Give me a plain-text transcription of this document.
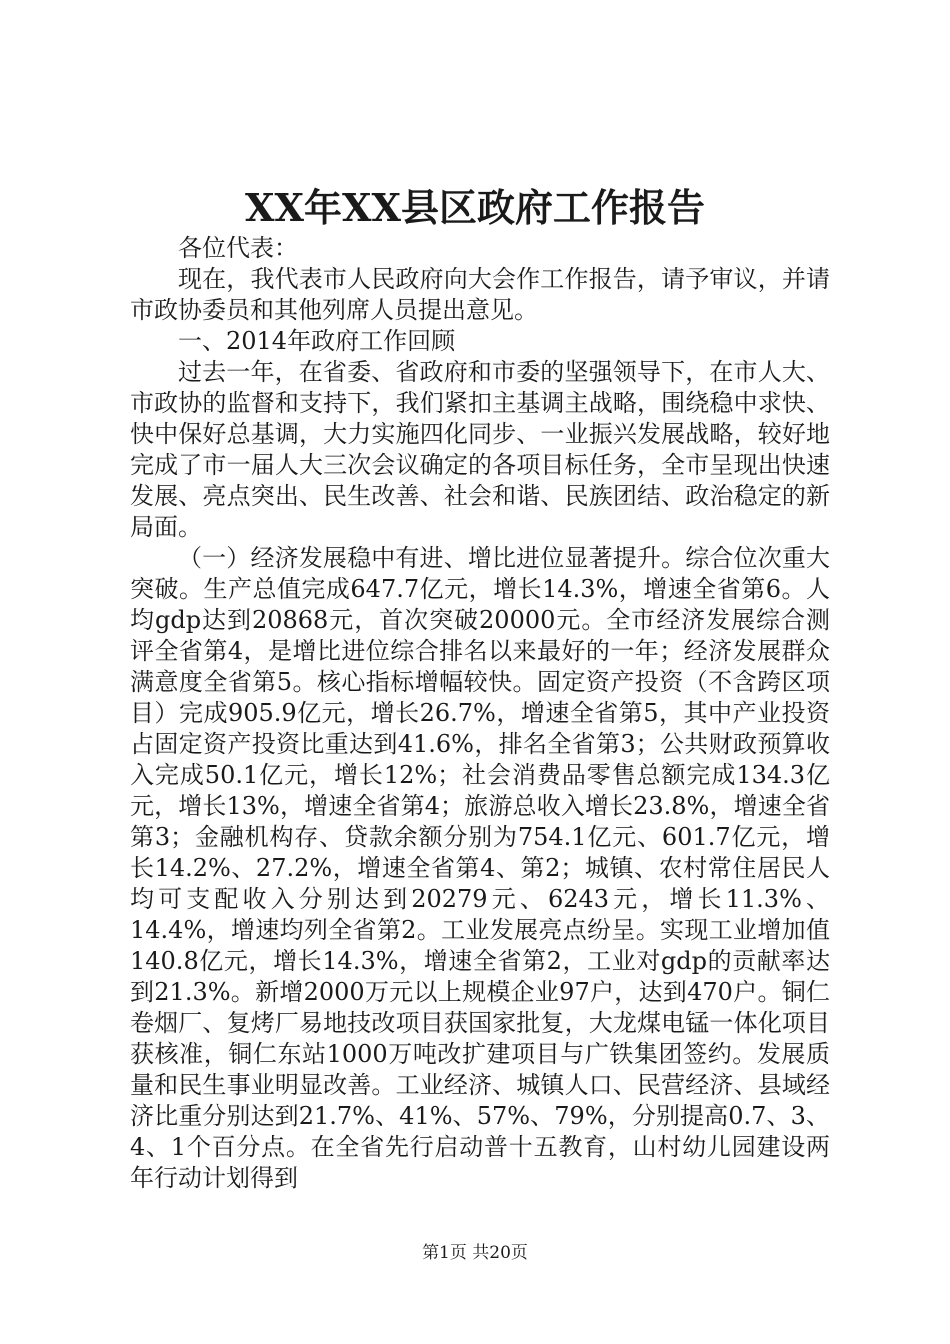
XX年XX县区政府工作报告

各位代表：

现在，我代表市人民政府向大会作工作报告，请予审议，并请市政协委员和其他列席人员提出意见。

一、2014年政府工作回顾

过去一年，在省委、省政府和市委的坚强领导下，在市人大、市政协的监督和支持下，我们紧扣主基调主战略，围绕稳中求快、快中保好总基调，大力实施四化同步、一业振兴发展战略，较好地完成了市一届人大三次会议确定的各项目标任务，全市呈现出快速发展、亮点突出、民生改善、社会和谐、民族团结、政治稳定的新局面。

（一）经济发展稳中有进、增比进位显著提升。综合位次重大突破。生产总值完成647.7亿元，增长14.3%，增速全省第6。人均gdp达到20868元，首次突破20000元。全市经济发展综合测评全省第4，是增比进位综合排名以来最好的一年；经济发展群众满意度全省第5。核心指标增幅较快。固定资产投资（不含跨区项目）完成905.9亿元，增长26.7%，增速全省第5，其中产业投资占固定资产投资比重达到41.6%，排名全省第3；公共财政预算收入完成50.1亿元，增长12%；社会消费品零售总额完成134.3亿元，增长13%，增速全省第4；旅游总收入增长23.8%，增速全省第3；金融机构存、贷款余额分别为754.1亿元、601.7亿元，增长14.2%、27.2%，增速全省第4、第2；城镇、农村常住居民人均可支配收入分别达到20279元、6243元，增长11.3%、14.4%，增速均列全省第2。工业发展亮点纷呈。实现工业增加值140.8亿元，增长14.3%，增速全省第2，工业对gdp的贡献率达到21.3%。新增2000万元以上规模企业97户，达到470户。铜仁卷烟厂、复烤厂易地技改项目获国家批复，大龙煤电锰一体化项目获核准，铜仁东站1000万吨改扩建项目与广铁集团签约。发展质量和民生事业明显改善。工业经济、城镇人口、民营经济、县域经济比重分别达到21.7%、41%、57%、79%，分别提高0.7、3、4、1个百分点。在全省先行启动普十五教育，山村幼儿园建设两年行动计划得到

第1页 共20页
